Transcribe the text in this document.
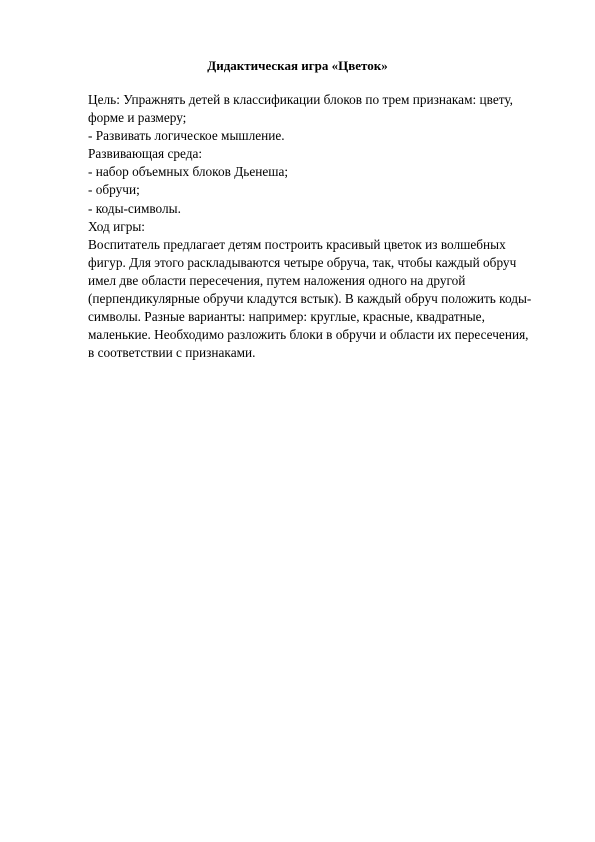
Дидактическая игра «Цветок»
Цель: Упражнять детей в классификации блоков по трем признакам: цвету,
форме и размеру;
- Развивать логическое мышление.
Развивающая среда:
- набор объемных блоков Дьенеша;
- обручи;
- коды-символы.
Ход игры:
Воспитатель предлагает детям построить красивый цветок из волшебных
фигур. Для этого раскладываются четыре обруча, так, чтобы каждый обруч
имел две области пересечения, путем наложения одного на другой
(перпендикулярные обручи кладутся встык). В каждый обруч положить коды-
символы. Разные варианты: например: круглые, красные, квадратные,
маленькие. Необходимо разложить блоки в обручи и области их пересечения,
в соответствии с признаками.
